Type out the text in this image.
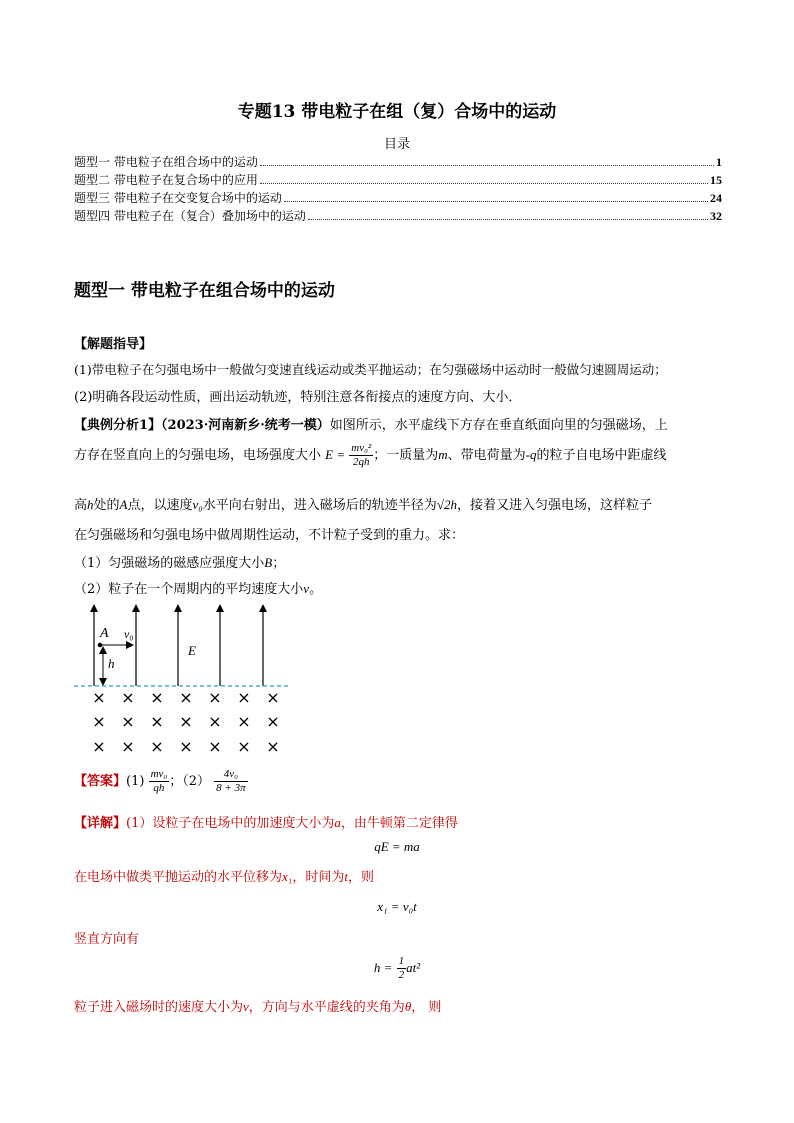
专题13 带电粒子在组（复）合场中的运动
目录
题型一 带电粒子在组合场中的运动	1
题型二 带电粒子在复合场中的应用	15
题型三 带电粒子在交变复合场中的运动	24
题型四 带电粒子在（复合）叠加场中的运动	32
题型一 带电粒子在组合场中的运动
【解题指导】
(1)带电粒子在匀强电场中一般做匀变速直线运动或类平抛运动；在匀强磁场中运动时一般做匀速圆周运动；
(2)明确各段运动性质，画出运动轨迹，特别注意各衔接点的速度方向、大小．
【典例分析1】（2023·河南新乡·统考一模）如图所示，水平虚线下方存在垂直纸面向里的匀强磁场，上
方存在竖直向上的匀强电场，电场强度大小 $E = \frac{\text{mv₀²}}{2qh}$ ；一质量为m、带电荷量为-q的粒子自电场中距虚线
高h处的A点，以速度v₀水平向右射出，进入磁场后的轨迹半径为√2h，接着又进入匀强电场，这样粒子
在匀强磁场和匀强电场中做周期性运动，不计粒子受到的重力。求：
（1）匀强磁场的磁感应强度大小B；
（2）粒子在一个周期内的平均速度大小v。
A v₀
h
E
× × × × × × ×
× × × × × × ×
× × × × × × ×
【答案】$(1) \frac{\text{mv₀}}{qh}$ ；$(2) \frac{\text{4v₀}}{8 + 3\pi}$
【详解】(1）设粒子在电场中的加速度大小为a，由牛顿第二定律得
qE = ma
在电场中做类平抛运动的水平位移为x₁，时间为t，则
x₁ = v₀t
竖直方向有
$h = \frac{1}{2} at^2$
粒子进入磁场时的速度大小为v，方向与水平虚线的夹角为θ， 则
